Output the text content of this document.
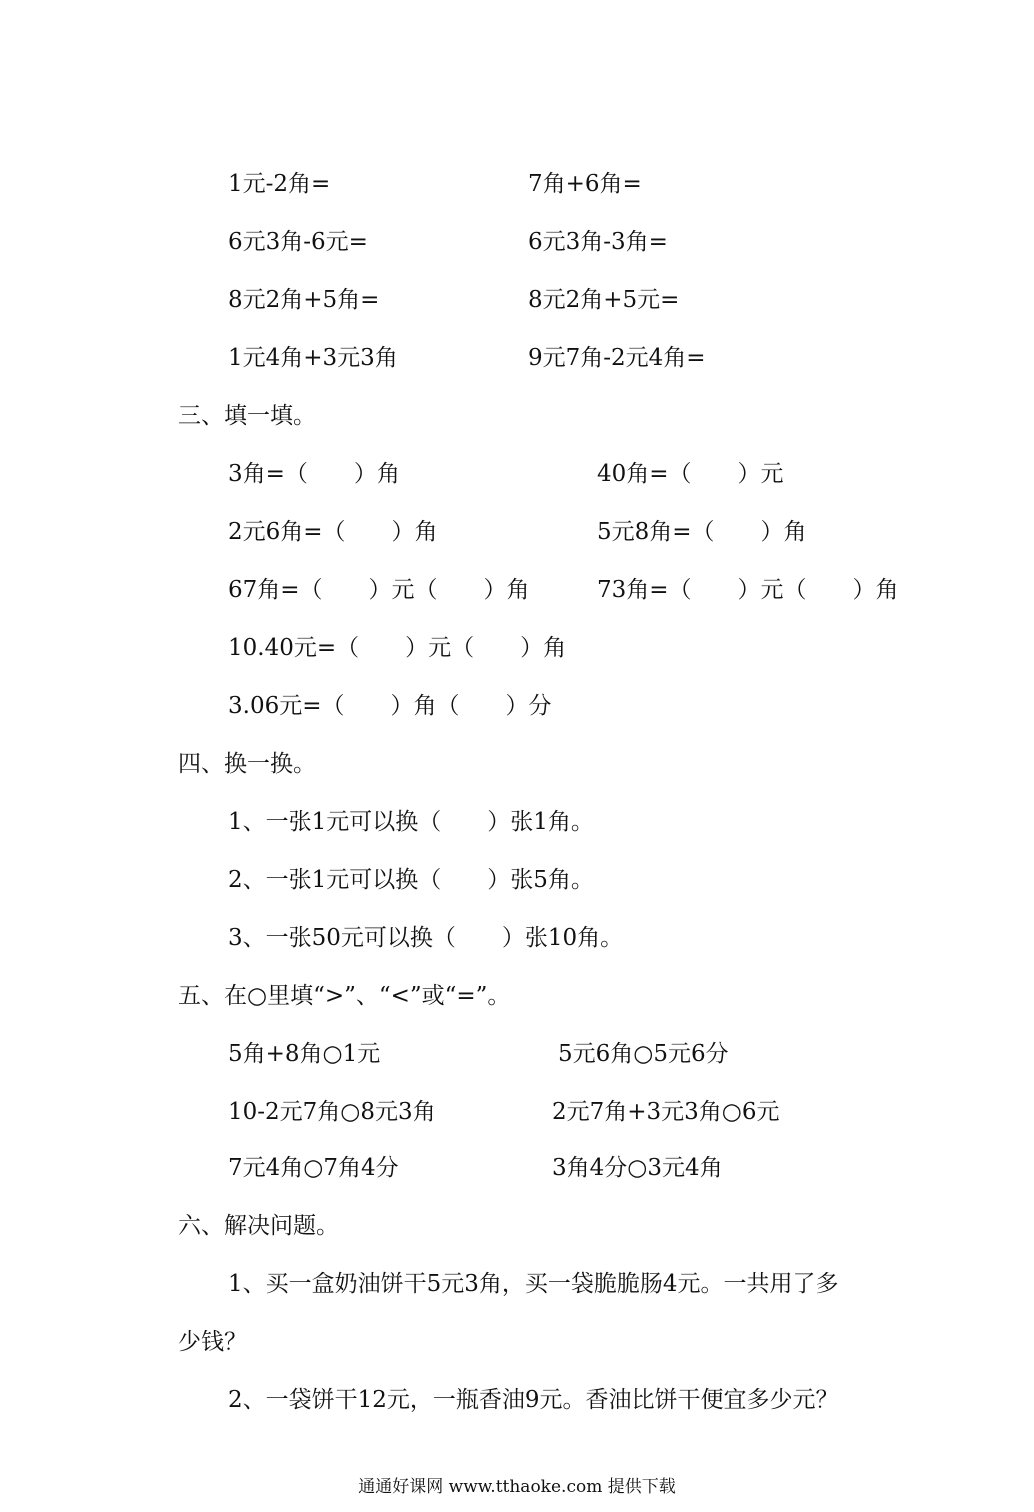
1元-2角=	7角+6角=
6元3角-6元=	6元3角-3角=
8元2角+5角=	8元2角+5元=
1元4角+3元3角	9元7角-2元4角=
三、填一填。
3角=（　　）角	40角=（　　）元
2元6角=（　　）角	5元8角=（　　）角
67角=（　　）元（　　）角	73角=（　　）元（　　）角
10.40元=（　　）元（　　）角
3.06元=（　　）角（　　）分
四、换一换。
1、一张1元可以换（　　）张1角。
2、一张1元可以换（　　）张5角。
3、一张50元可以换（　　）张10角。
五、在○里填“>”、“<”或“=”。
5角+8角○1元	5元6角○5元6分
10-2元7角○8元3角	2元7角+3元3角○6元
7元4角○7角4分	3角4分○3元4角
六、解决问题。
1、买一盒奶油饼干5元3角，买一袋脆脆肠4元。一共用了多
少钱？
2、一袋饼干12元，一瓶香油9元。香油比饼干便宜多少元？
通通好课网 www.tthaoke.com 提供下载
